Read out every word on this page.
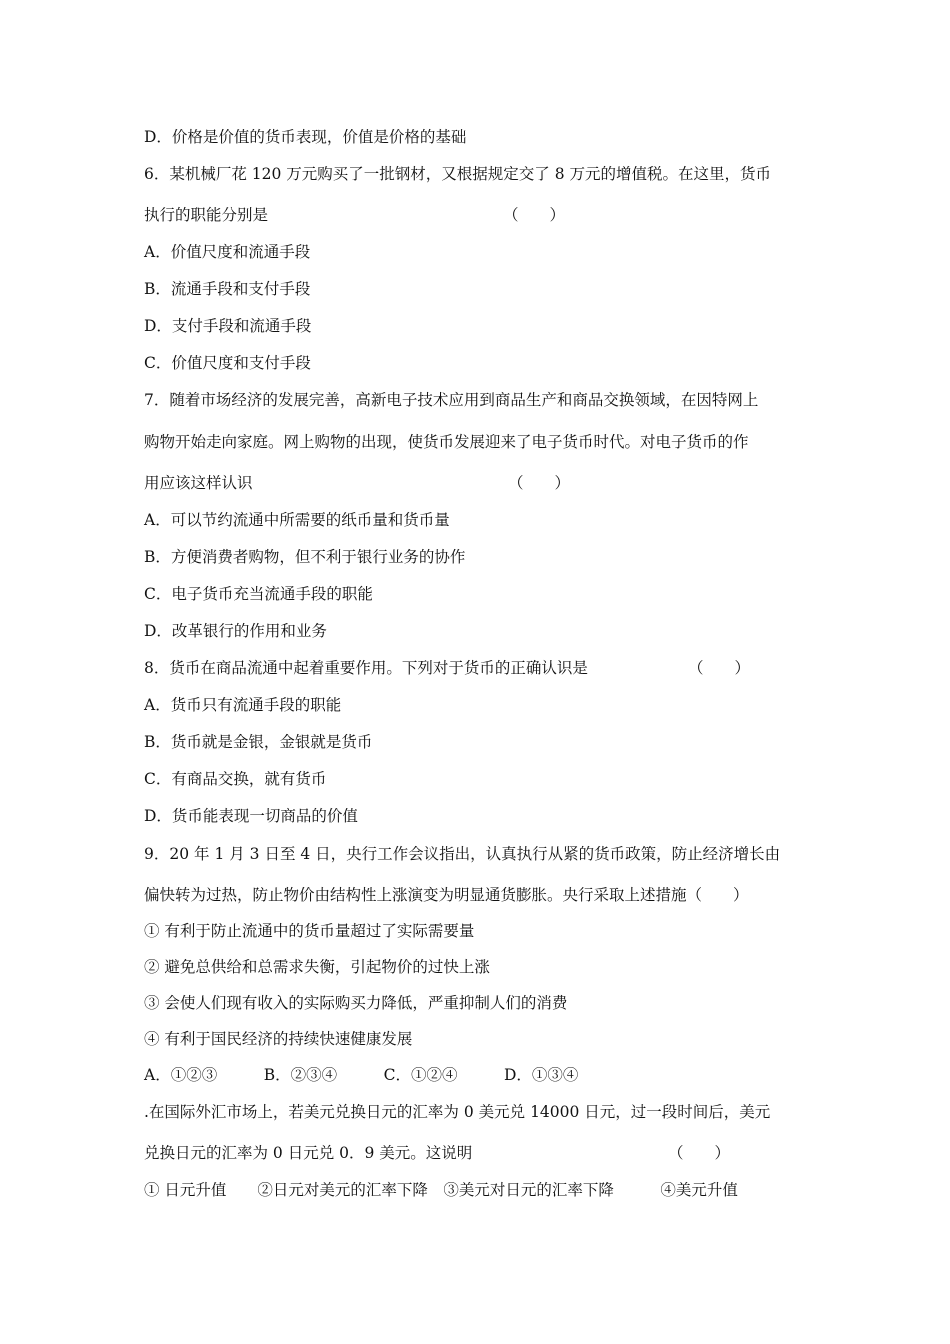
D．价格是价值的货币表现，价值是价格的基础
6．某机械厂花 120 万元购买了一批钢材，又根据规定交了 8 万元的增值税。在这里，货币
执行的职能分别是	（　　）
A．价值尺度和流通手段
B．流通手段和支付手段
D．支付手段和流通手段
C．价值尺度和支付手段
7．随着市场经济的发展完善，高新电子技术应用到商品生产和商品交换领域，在因特网上
购物开始走向家庭。网上购物的出现，使货币发展迎来了电子货币时代。对电子货币的作
用应该这样认识	（　　）
A．可以节约流通中所需要的纸币量和货币量
B．方便消费者购物，但不利于银行业务的协作
C．电子货币充当流通手段的职能
D．改革银行的作用和业务
8．货币在商品流通中起着重要作用。下列对于货币的正确认识是	（　　）
A．货币只有流通手段的职能
B．货币就是金银，金银就是货币
C．有商品交换，就有货币
D．货币能表现一切商品的价值
9．20 年 1 月 3 日至 4 日，央行工作会议指出，认真执行从紧的货币政策，防止经济增长由
偏快转为过热，防止物价由结构性上涨演变为明显通货膨胀。央行采取上述措施（　　）
① 有利于防止流通中的货币量超过了实际需要量
② 避免总供给和总需求失衡，引起物价的过快上涨
③ 会使人们现有收入的实际购买力降低，严重抑制人们的消费
④ 有利于国民经济的持续快速健康发展
A．①②③　　　B．②③④　　　C．①②④　　　D．①③④
.在国际外汇市场上，若美元兑换日元的汇率为 0 美元兑 14000 日元，过一段时间后，美元
兑换日元的汇率为 0 日元兑 0．9 美元。这说明	（　　）
① 日元升值　　②日元对美元的汇率下降　③美元对日元的汇率下降　　　④美元升值
